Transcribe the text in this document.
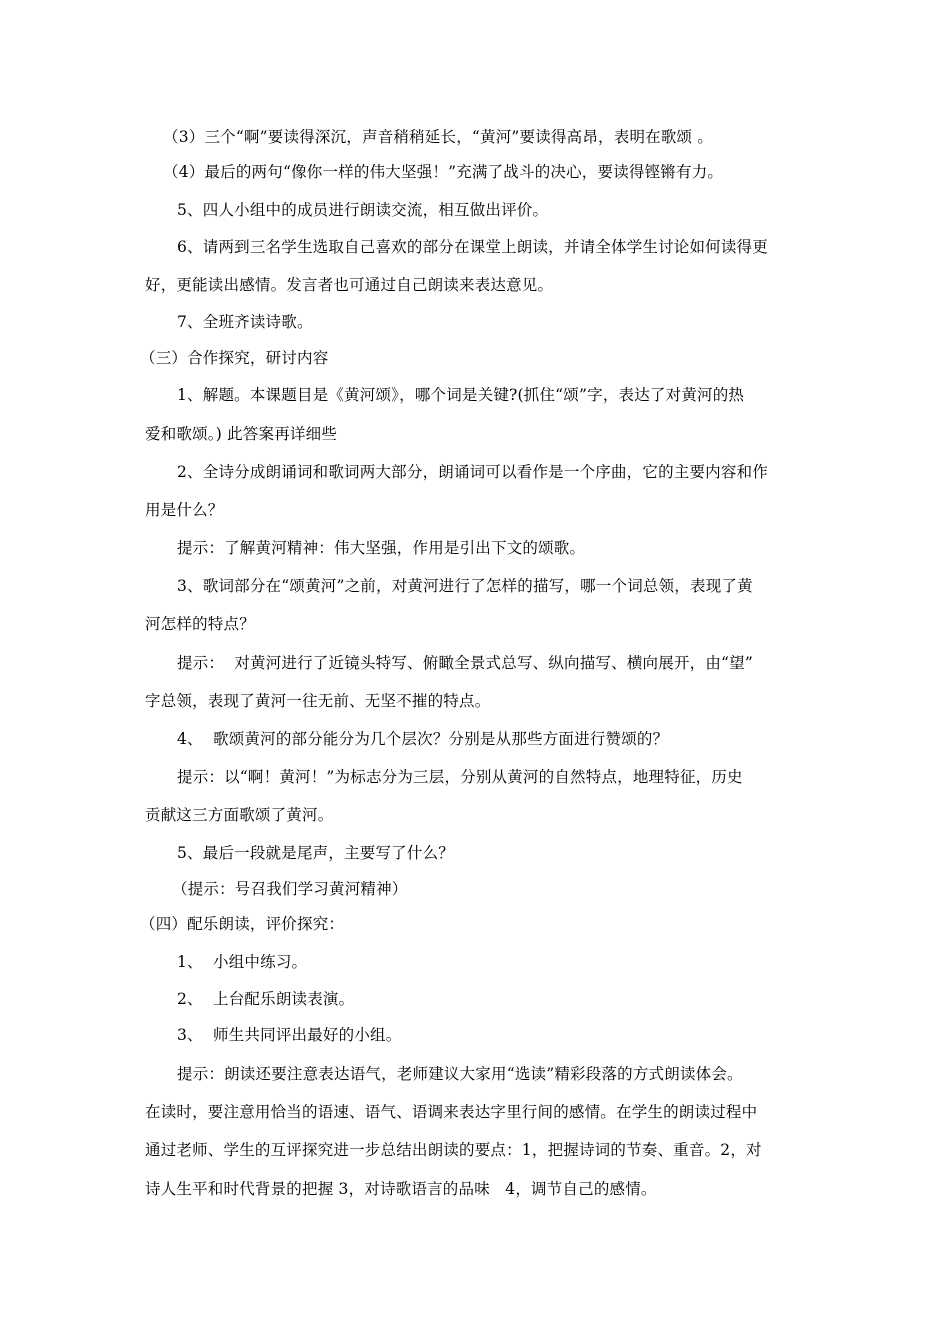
（3）三个“啊”要读得深沉，声音稍稍延长，“黄河”要读得高昂，表明在歌颂 。
（4）最后的两句“像你一样的伟大坚强！”充满了战斗的决心，要读得铿锵有力。
5、四人小组中的成员进行朗读交流，相互做出评价。
6、请两到三名学生选取自己喜欢的部分在课堂上朗读，并请全体学生讨论如何读得更
好，更能读出感情。发言者也可通过自己朗读来表达意见。
7、全班齐读诗歌。
（三）合作探究，研讨内容
1、解题。本课题目是《黄河颂》，哪个词是关键?(抓住“颂”字，表达了对黄河的热
爱和歌颂。) 此答案再详细些
2、全诗分成朗诵词和歌词两大部分，朗诵词可以看作是一个序曲，它的主要内容和作
用是什么？
提示：了解黄河精神：伟大坚强，作用是引出下文的颂歌。
3、歌词部分在“颂黄河”之前，对黄河进行了怎样的描写，哪一个词总领，表现了黄
河怎样的特点？
提示：  对黄河进行了近镜头特写、俯瞰全景式总写、纵向描写、横向展开，由“望”
字总领，表现了黄河一往无前、无坚不摧的特点。
4、  歌颂黄河的部分能分为几个层次？分别是从那些方面进行赞颂的？
提示：以“啊！黄河！”为标志分为三层，分别从黄河的自然特点，地理特征，历史
贡献这三方面歌颂了黄河。
5、最后一段就是尾声，主要写了什么？
（提示：号召我们学习黄河精神）
（四）配乐朗读，评价探究：
1、  小组中练习。
2、  上台配乐朗读表演。
3、  师生共同评出最好的小组。
提示：朗读还要注意表达语气，老师建议大家用“选读”精彩段落的方式朗读体会。
在读时，要注意用恰当的语速、语气、语调来表达字里行间的感情。在学生的朗读过程中
通过老师、学生的互评探究进一步总结出朗读的要点：1，把握诗词的节奏、重音。2，对
诗人生平和时代背景的把握 3，对诗歌语言的品味   4，调节自己的感情。
